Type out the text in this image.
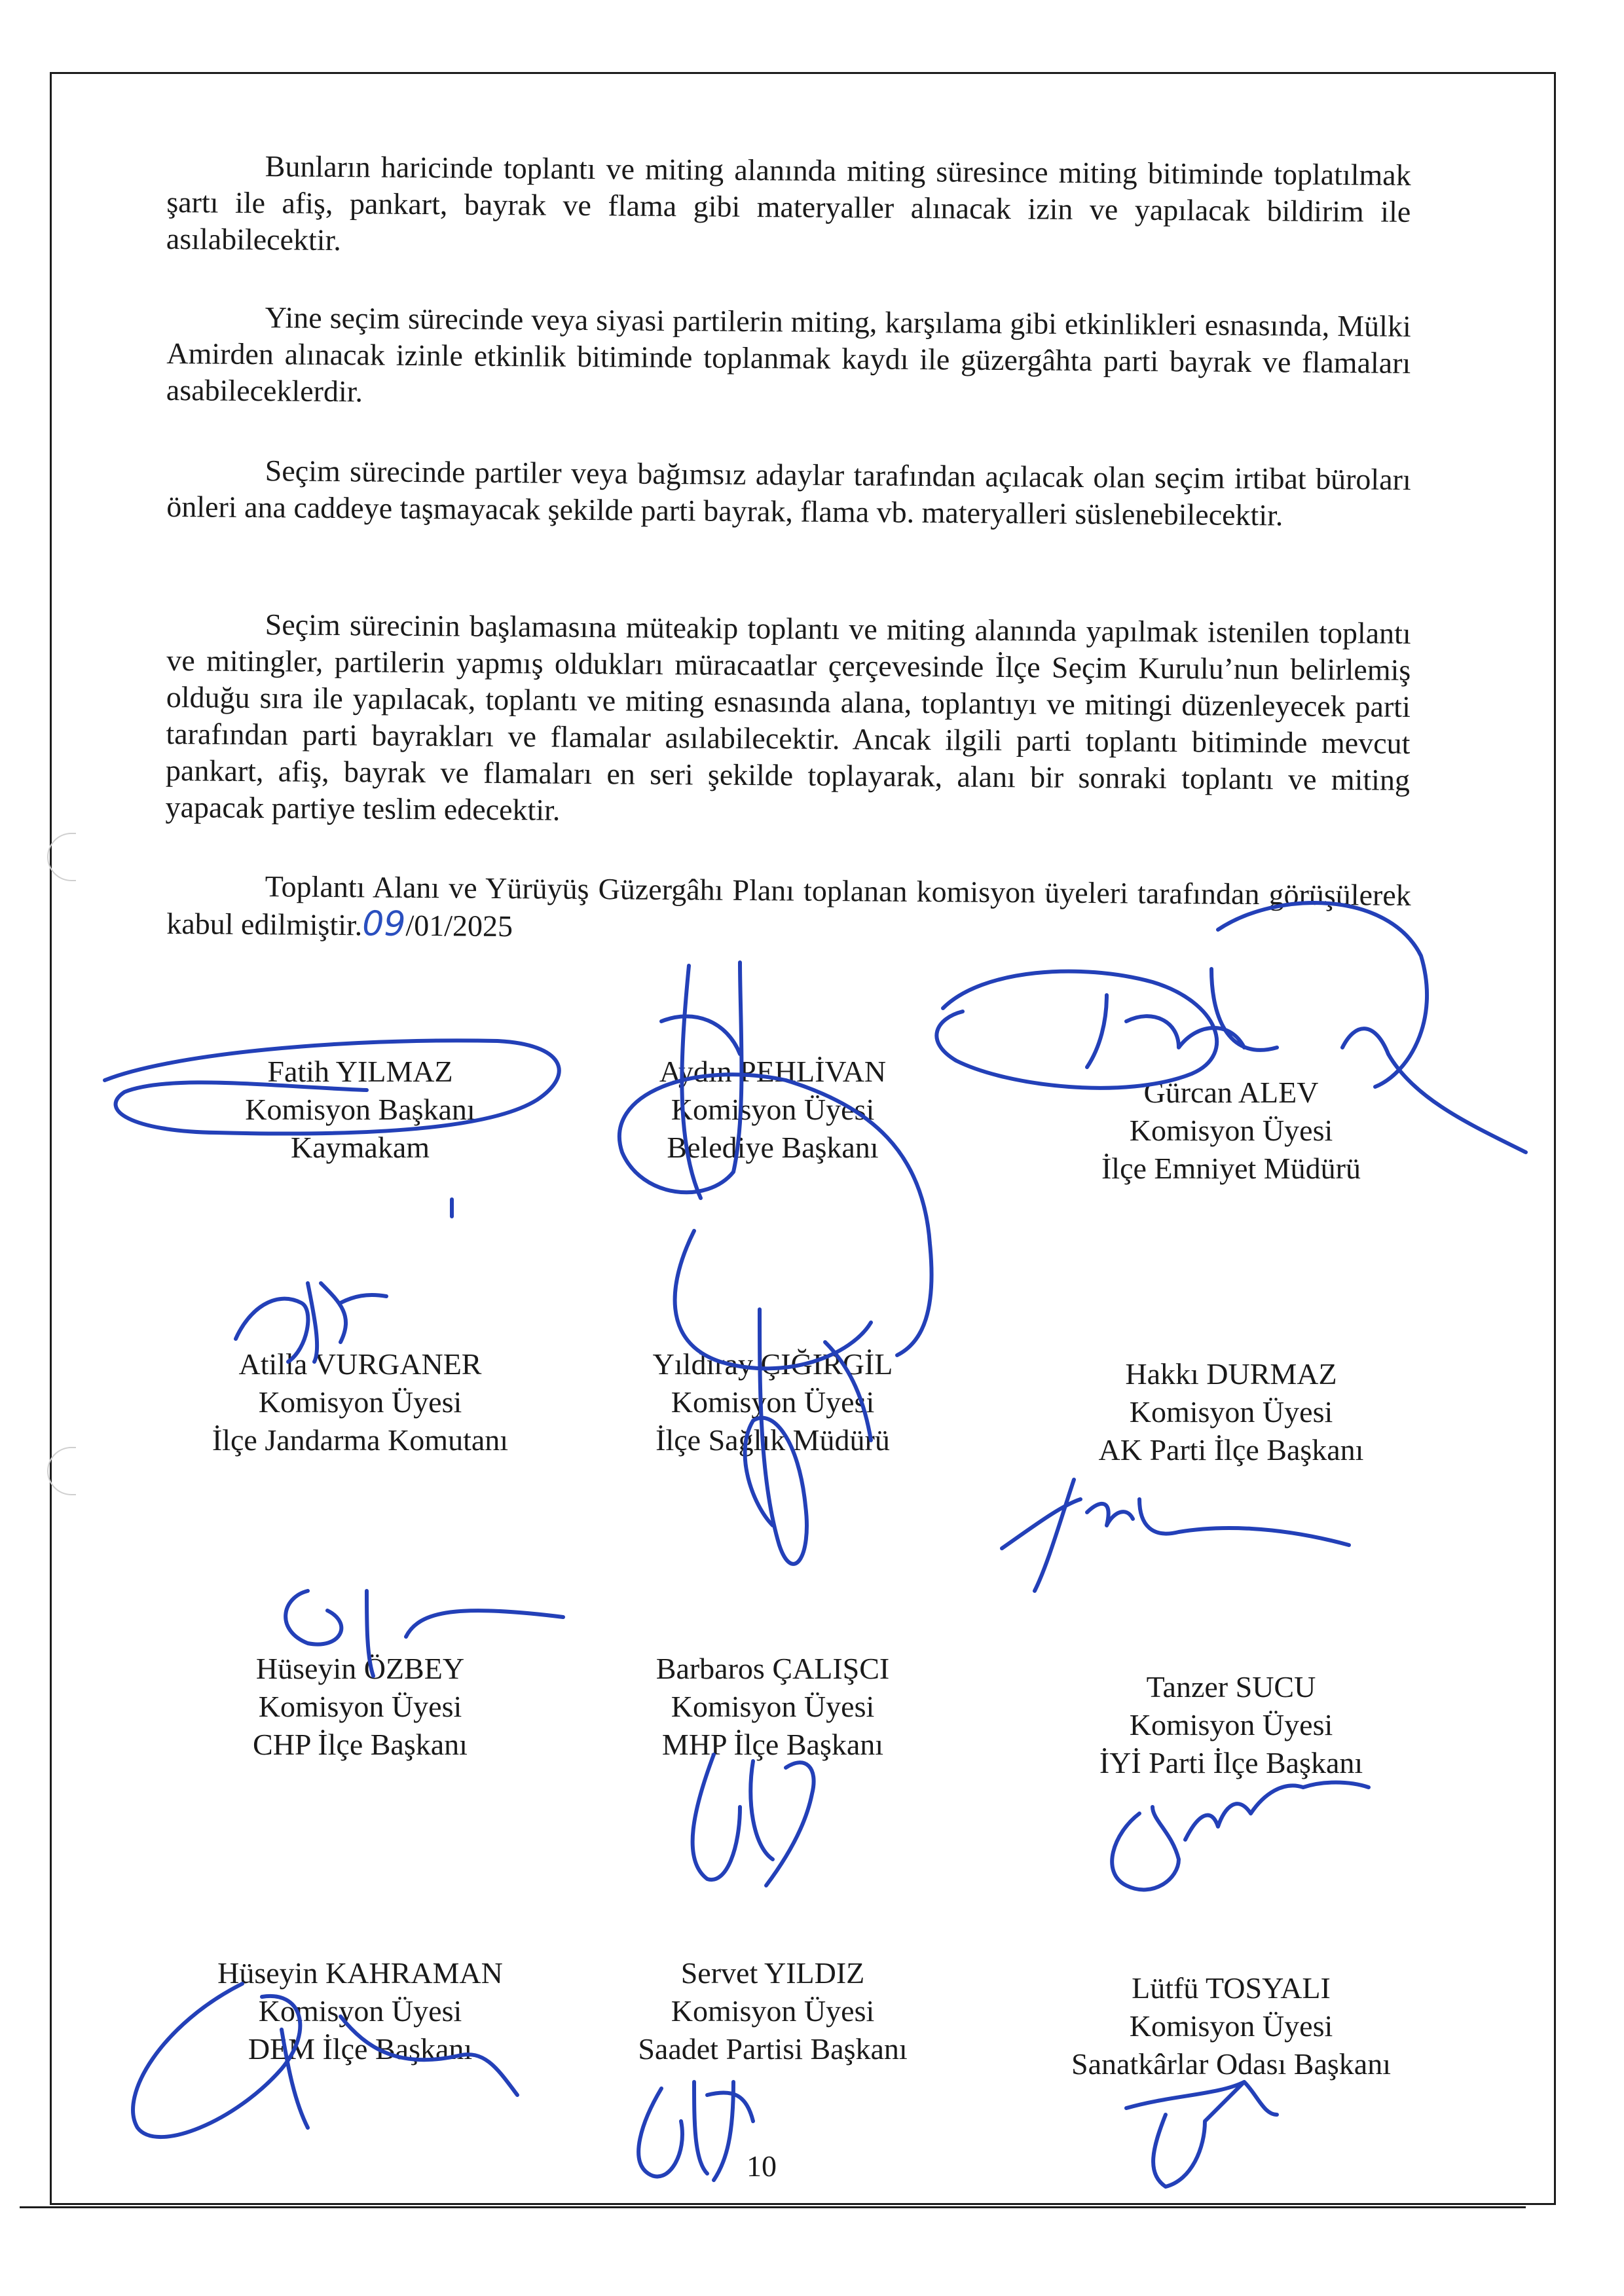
Bunların haricinde toplantı ve miting alanında miting süresince miting bitiminde toplatılmak şartı ile afiş, pankart, bayrak ve flama gibi materyaller alınacak izin ve yapılacak bildirim ile asılabilecektir.

Yine seçim sürecinde veya siyasi partilerin miting, karşılama gibi etkinlikleri esnasında, Mülki Amirden alınacak izinle etkinlik bitiminde toplanmak kaydı ile güzergâhta parti bayrak ve flamaları asabileceklerdir.

Seçim sürecinde partiler veya bağımsız adaylar tarafından açılacak olan seçim irtibat büroları önleri ana caddeye taşmayacak şekilde parti bayrak, flama vb. materyalleri süslenebilecektir.

Seçim sürecinin başlamasına müteakip toplantı ve miting alanında yapılmak istenilen toplantı ve mitingler, partilerin yapmış oldukları müracaatlar çerçevesinde İlçe Seçim Kurulu’nun belirlemiş olduğu sıra ile yapılacak, toplantı ve miting esnasında alana, toplantıyı ve mitingi düzenleyecek parti tarafından parti bayrakları ve flamalar asılabilecektir. Ancak ilgili parti toplantı bitiminde mevcut pankart, afiş, bayrak ve flamaları en seri şekilde toplayarak, alanı bir sonraki toplantı ve miting yapacak partiye teslim edecektir.

Toplantı Alanı ve Yürüyüş Güzergâhı Planı toplanan komisyon üyeleri tarafından görüşülerek kabul edilmiştir.09/01/2025

Fatih YILMAZ
Komisyon Başkanı
Kaymakam
Aydın PEHLİVAN
Komisyon Üyesi
Belediye Başkanı
Gürcan ALEV
Komisyon Üyesi
İlçe Emniyet Müdürü
Atilla VURGANER
Komisyon Üyesi
İlçe Jandarma Komutanı
Yıldıray ÇIĞIRGİL
Komisyon Üyesi
İlçe Sağlık Müdürü
Hakkı DURMAZ
Komisyon Üyesi
AK Parti İlçe Başkanı
Hüseyin ÖZBEY
Komisyon Üyesi
CHP İlçe Başkanı
Barbaros ÇALIŞCI
Komisyon Üyesi
MHP İlçe Başkanı
Tanzer SUCU
Komisyon Üyesi
İYİ Parti İlçe Başkanı
Hüseyin KAHRAMAN
Komisyon Üyesi
DEM İlçe Başkanı
Servet YILDIZ
Komisyon Üyesi
Saadet Partisi Başkanı
Lütfü TOSYALI
Komisyon Üyesi
Sanatkârlar Odası Başkanı
10
